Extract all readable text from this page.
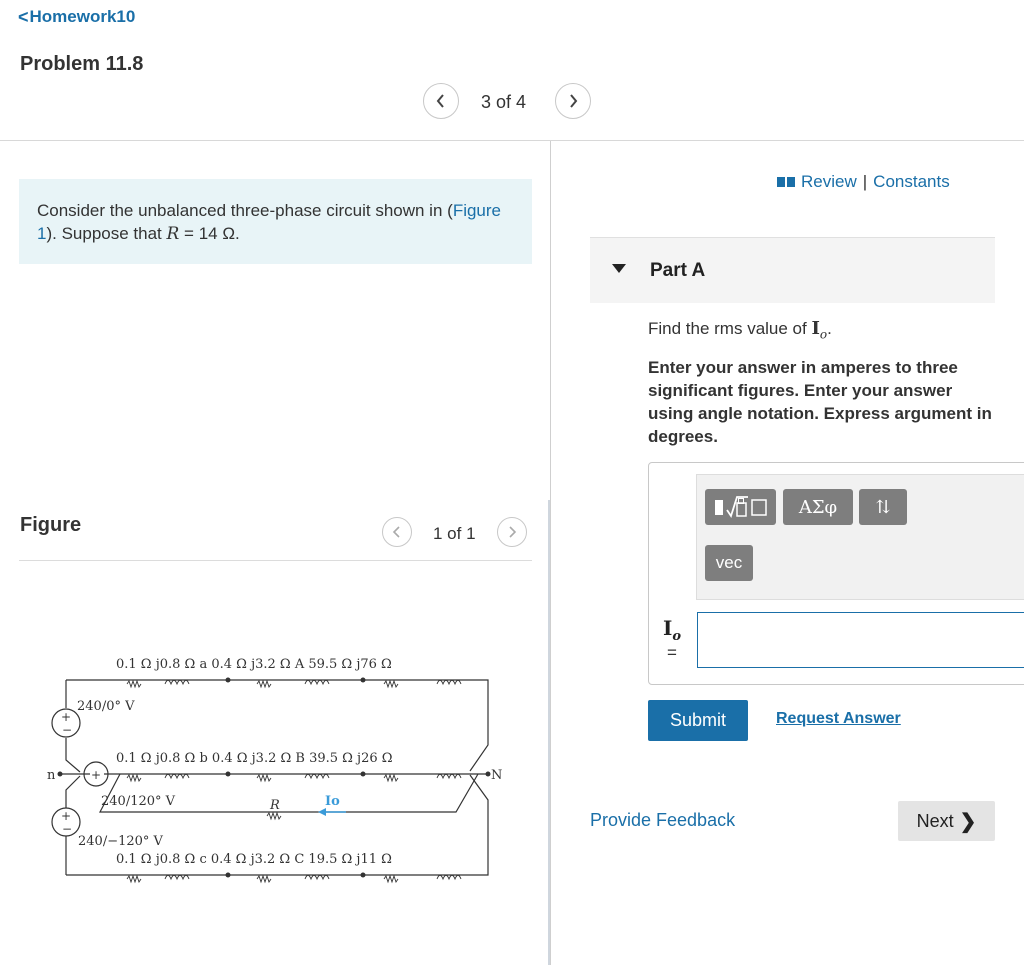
< Homework10
Problem 11.8
3 of 4
Consider the unbalanced three-phase circuit shown in (Figure 1). Suppose that R = 14 Ω.
Figure	1 of 1
0.1 Ω j0.8 Ω a 0.4 Ω j3.2 Ω A 59.5 Ω j76 Ω
0.1 Ω j0.8 Ω b 0.4 Ω j3.2 Ω B 39.5 Ω j26 Ω
0.1 Ω j0.8 Ω c 0.4 Ω j3.2 Ω C 19.5 Ω j11 Ω
240/0° V
240/120° V
240/−120° V
n	N
R	Io
+
−
+
+
−
Review | Constants
Part A
Find the rms value of $I_o$.
Enter your answer in amperes to three significant figures. Enter your answer using angle notation. Express argument in degrees.
ΑΣφ	⇅
vec
$I_o$
=
Submit	Request Answer
Provide Feedback	Next ❯
